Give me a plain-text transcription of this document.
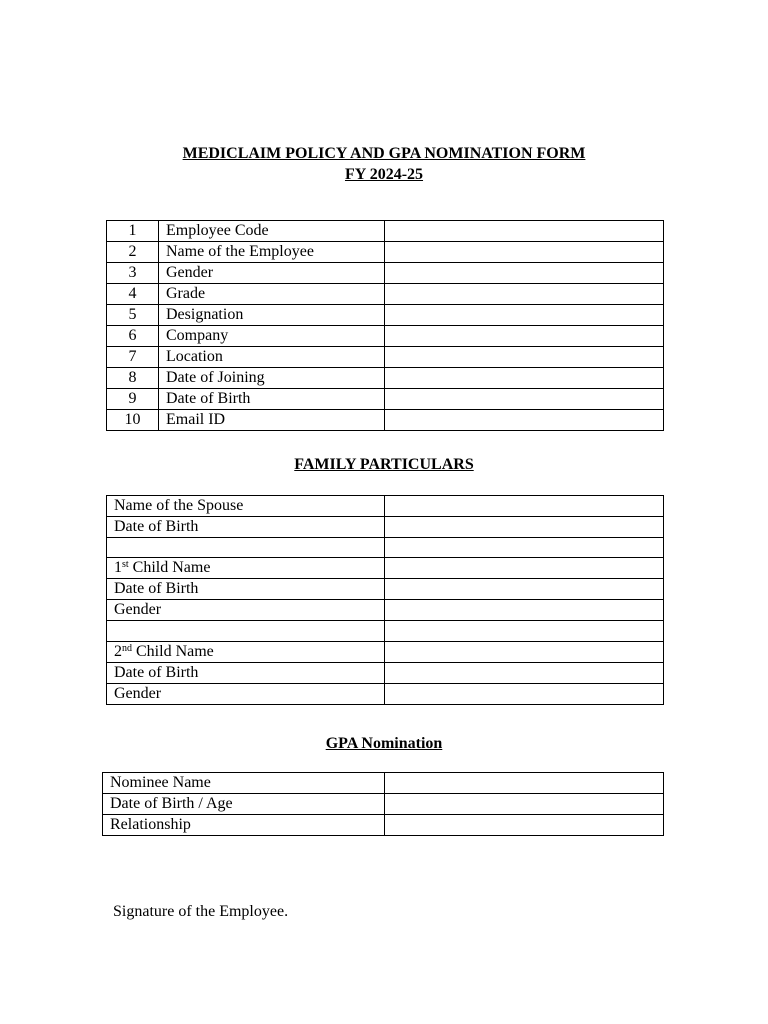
MEDICLAIM POLICY AND GPA NOMINATION FORM
FY 2024-25
1	Employee Code	
2	Name of the Employee	
3	Gender	
4	Grade	
5	Designation	
6	Company	
7	Location	
8	Date of Joining	
9	Date of Birth	
10	Email ID	
FAMILY PARTICULARS
Name of the Spouse	
Date of Birth	

1st Child Name	
Date of Birth	
Gender	

2nd Child Name	
Date of Birth	
Gender	
GPA Nomination
Nominee Name	
Date of Birth / Age	
Relationship	
Signature of the Employee.
